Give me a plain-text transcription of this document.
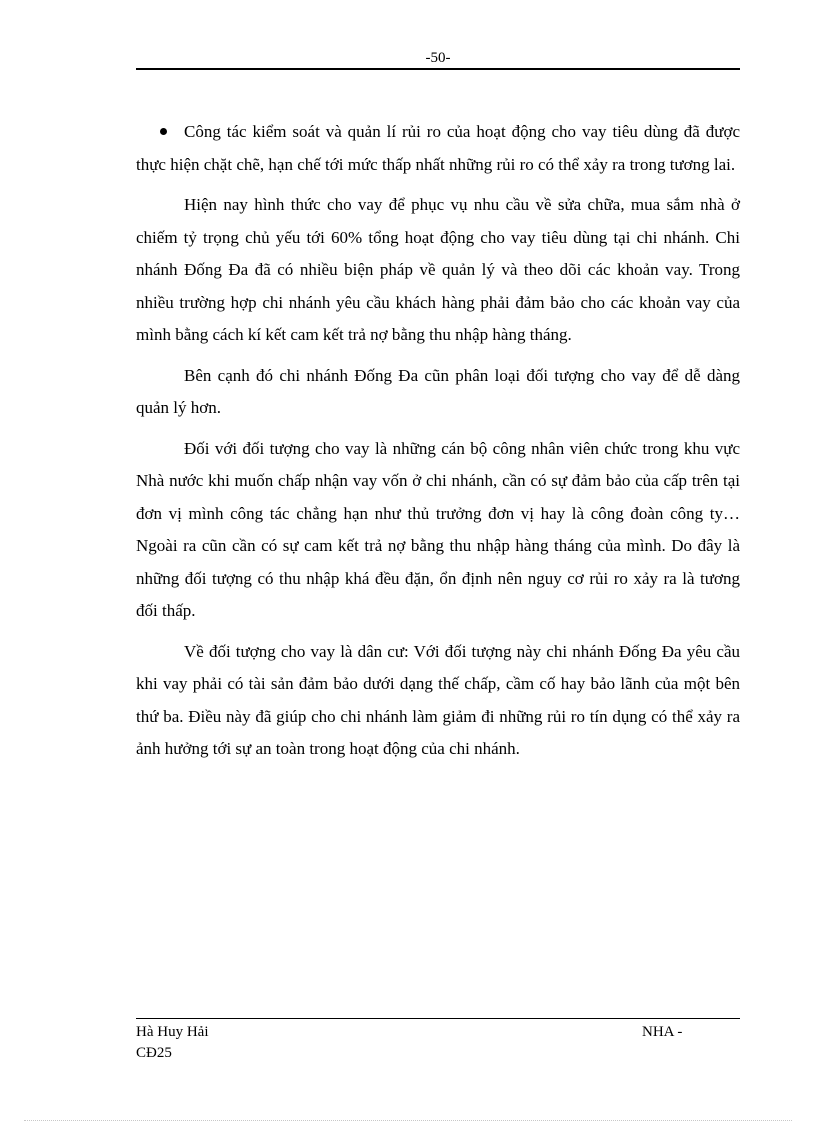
-50-

Công tác kiểm soát và quản lí rủi ro của hoạt động cho vay tiêu dùng đã được thực hiện chặt chẽ, hạn chế tới mức thấp nhất những rủi ro có thể xảy ra trong tương lai.

Hiện nay hình thức cho vay để phục vụ nhu cầu về sửa chữa, mua sắm nhà ở chiếm tỷ trọng chủ yếu tới 60% tổng hoạt động cho vay tiêu dùng tại chi nhánh. Chi nhánh Đống Đa đã có nhiều biện pháp về quản lý và theo dõi các khoản vay. Trong nhiều trường hợp chi nhánh yêu cầu khách hàng phải đảm bảo cho các khoản vay của mình bằng cách kí kết cam kết trả nợ bằng thu nhập hàng tháng.

Bên cạnh đó chi nhánh Đống Đa cũn phân loại đối tượng cho vay để dễ dàng quản lý hơn.

Đối với đối tượng cho vay là những cán bộ công nhân viên chức trong khu vực Nhà nước khi muốn chấp nhận vay vốn ở chi nhánh, cần có sự đảm bảo của cấp trên tại đơn vị mình công tác chẳng hạn như thủ trưởng đơn vị hay là công đoàn công ty… Ngoài ra cũn cần có sự cam kết trả nợ bằng thu nhập hàng tháng của mình. Do đây là những đối tượng có thu nhập khá đều đặn, ổn định nên nguy cơ rủi ro xảy ra là tương đối thấp.

Về đối tượng cho vay là dân cư: Với đối tượng này chi nhánh Đống Đa yêu cầu khi vay phải có tài sản đảm bảo dưới dạng thế chấp, cầm cố hay bảo lãnh của một bên thứ ba. Điều này đã giúp cho chi nhánh làm giảm đi những rủi ro tín dụng có thể xảy ra ảnh hưởng tới sự an toàn trong hoạt động của chi nhánh.

Hà Huy Hải
CĐ25
NHA -
